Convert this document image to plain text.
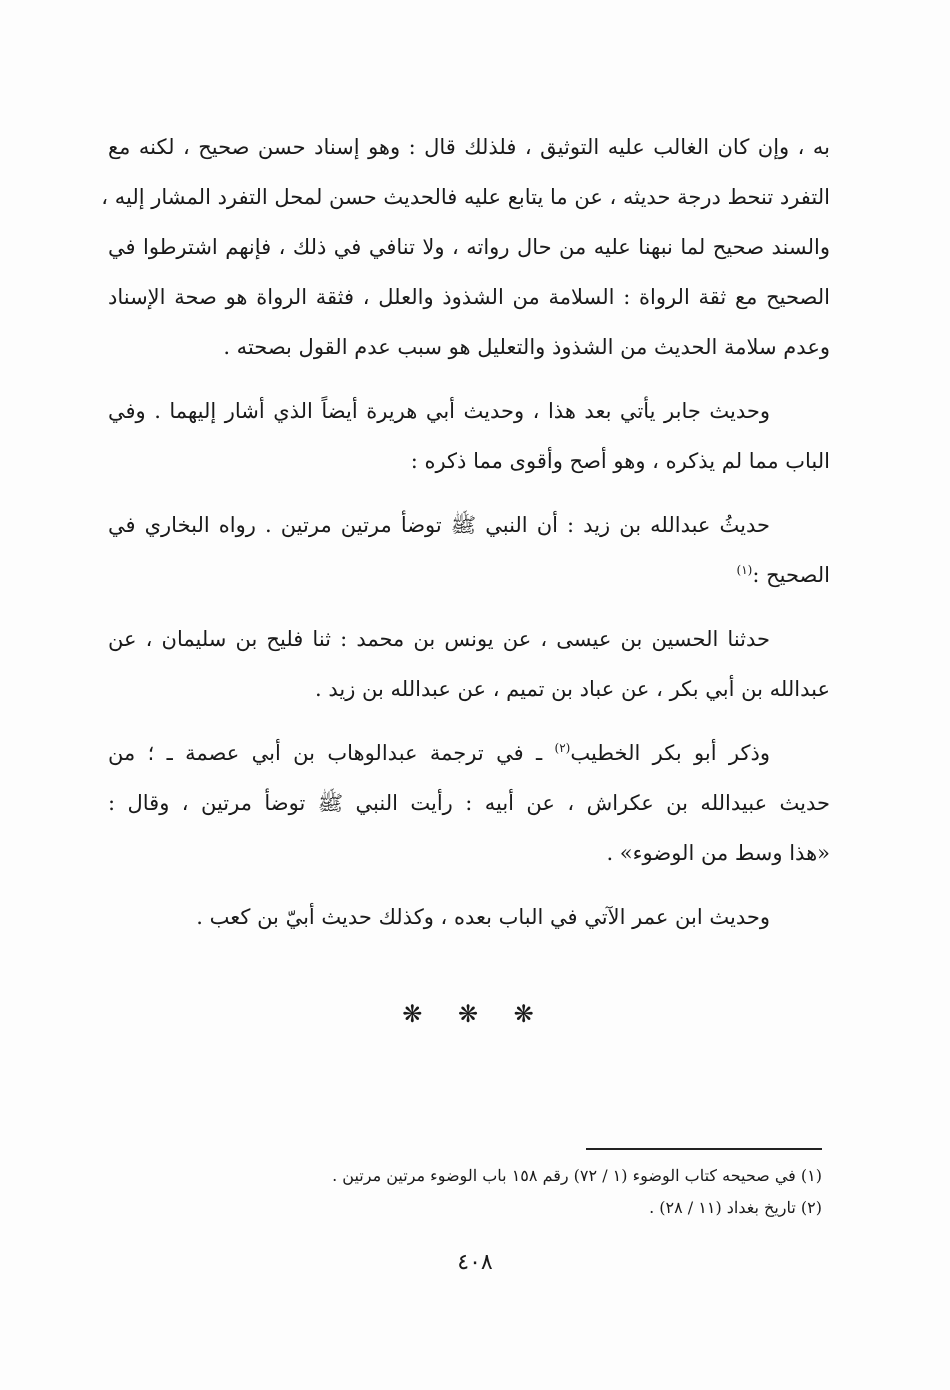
به ، وإن كان الغالب عليه التوثيق ، فلذلك قال : وهو إسناد حسن صحيح ، لكنه مع
التفرد تنحط درجة حديثه ، عن ما يتابع عليه فالحديث حسن لمحل التفرد المشار إليه ،
والسند صحيح لما نبهنا عليه من حال رواته ، ولا تنافي في ذلك ، فإنهم اشترطوا في
الصحيح مع ثقة الرواة : السلامة من الشذوذ والعلل ، فثقة الرواة هو صحة الإسناد
وعدم سلامة الحديث من الشذوذ والتعليل هو سبب عدم القول بصحته .
وحديث جابر يأتي بعد هذا ، وحديث أبي هريرة أيضاً الذي أشار إليهما . وفي
الباب مما لم يذكره ، وهو أصح وأقوى مما ذكره :
حديثُ عبدالله بن زيد : أن النبي ﷺ توضأ مرتين مرتين . رواه البخاري في
الصحيح :$^{(١)}$
حدثنا الحسين بن عيسى ، عن يونس بن محمد : ثنا فليح بن سليمان ، عن
عبدالله بن أبي بكر ، عن عباد بن تميم ، عن عبدالله بن زيد .
وذكر أبو بكر الخطيب$^{(٢)}$ ـ في ترجمة عبدالوهاب بن أبي عصمة ـ ؛ من
حديث عبيدالله بن عكراش ، عن أبيه : رأيت النبي ﷺ توضأ مرتين ، وقال :
«هذا وسط من الوضوء» .
وحديث ابن عمر الآتي في الباب بعده ، وكذلك حديث أبيّ بن كعب .
❋ ❋ ❋
(١) في صحيحه كتاب الوضوء (١ / ٧٢) رقم ١٥٨ باب الوضوء مرتين مرتين .
(٢) تاريخ بغداد (١١ / ٢٨) .
٤٠٨
